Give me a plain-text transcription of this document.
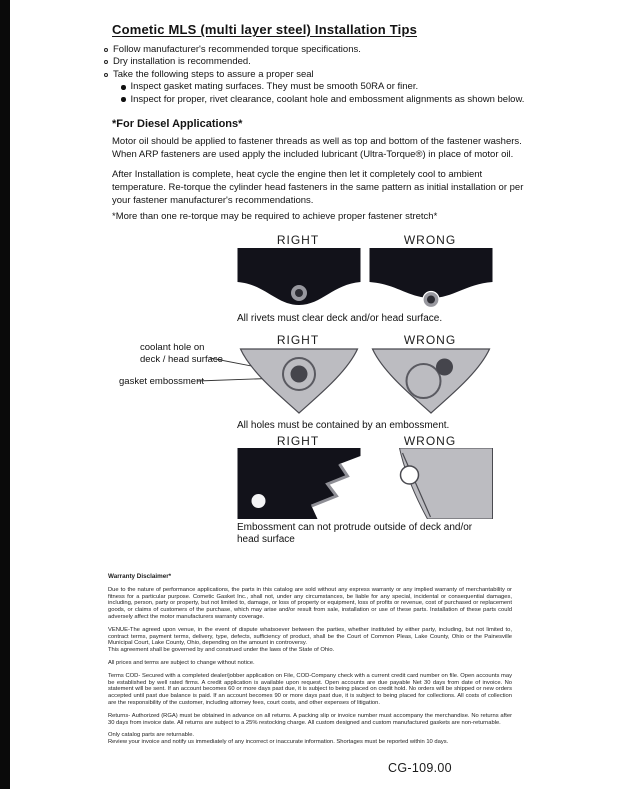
Cometic MLS (multi layer steel) Installation Tips
Follow manufacturer's recommended torque specifications.
Dry installation is recommended.
Take the following steps to assure a proper seal
Inspect gasket mating surfaces. They must be smooth 50RA or finer.
Inspect for proper, rivet clearance, coolant hole and embossment alignments as shown below.
*For Diesel Applications*

Motor oil should be applied to fastener threads as well as top and bottom of the fastener washers. When ARP fasteners are used apply the included lubricant (Ultra-Torque®) in place of motor oil.

After Installation is complete, heat cycle the engine then let it completely cool to ambient temperature. Re-torque the cylinder head fasteners in the same pattern as initial installation or per your fastener manufacturer's recommendations.

*More than one re-torque may be required to achieve proper fastener stretch*

RIGHT	WRONG
All rivets must clear deck and/or head surface.
RIGHT	WRONG
coolant hole on
deck / head surface
gasket embossment
All holes must be contained by an embossment.
RIGHT	WRONG
Embossment can not protrude outside of deck and/or head surface
Warranty Disclaimer*
Due to the nature of performance applications, the parts in this catalog are sold without any express warranty or any implied warranty of merchantability or fitness for a particular purpose. Cometic Gasket Inc., shall not, under any circumstances, be liable for any special, incidental or consequential damages, including, person, party or property, but not limited to, damage, or loss of property or equipment, loss of profits or revenue, cost of purchased or replacement goods, or claims of customers of the purchase, which may arise and/or result from sale, installation or use of these parts. Installation of these parts could adversely affect the motor manufacturers warranty coverage.
VENUE-The agreed upon venue, in the event of dispute whatsoever between the parties, whether instituted by either party, including, but not limited to, contract terms, payment terms, delivery, type, defects, sufficiency of product, shall be the Court of Common Pleas, Lake County, Ohio or the Painesville Municipal Court, Lake County, Ohio, depending on the amount in controversy.
This agreement shall be governed by and construed under the laws of the State of Ohio.
All prices and terms are subject to change without notice.
Terms COD- Secured with a completed dealer/jobber application on File, COD-Company check with a current credit card number on file. Open accounts may be established by well rated firms. A credit application is available upon request. Open accounts are due payable Net 30 days from date of invoice. No statement will be sent. If an account becomes 60 or more days past due, it is subject to being placed on credit hold. No orders will be shipped or new orders accepted until past due balance is paid. If an account becomes 90 or more days past due, it is subject to being placed for collections. All costs of collection are the responsibility of the customer, including attorney fees, court costs, and other expenses of litigation.
Returns- Authorized (RGA) must be obtained in advance on all returns. A packing slip or invoice number must accompany the merchandise. No returns after 30 days from invoice date. All returns are subject to a 25% restocking charge. All custom designed and custom manufactured gaskets are non-returnable.
Only catalog parts are returnable.
Review your invoice and notify us immediately of any incorrect or inaccurate information. Shortages must be reported within 10 days.
CG-109.00
